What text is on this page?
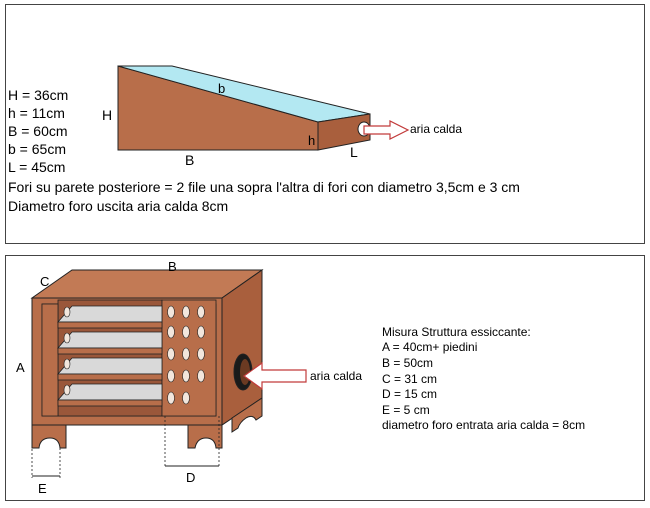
H = 36cm
h = 11cm
B = 60cm
b = 65cm
L = 45cm
Fori su parete posteriore = 2 file una sopra l'altra di fori con diametro 3,5cm e 3 cm
Diametro foro uscita aria calda 8cm
H
b
h
B	L
aria calda
B
C
A
D
E
aria calda
Misura Struttura essiccante:
A = 40cm+ piedini
B = 50cm
C = 31 cm
D = 15 cm
E = 5 cm
diametro foro entrata aria calda = 8cm
